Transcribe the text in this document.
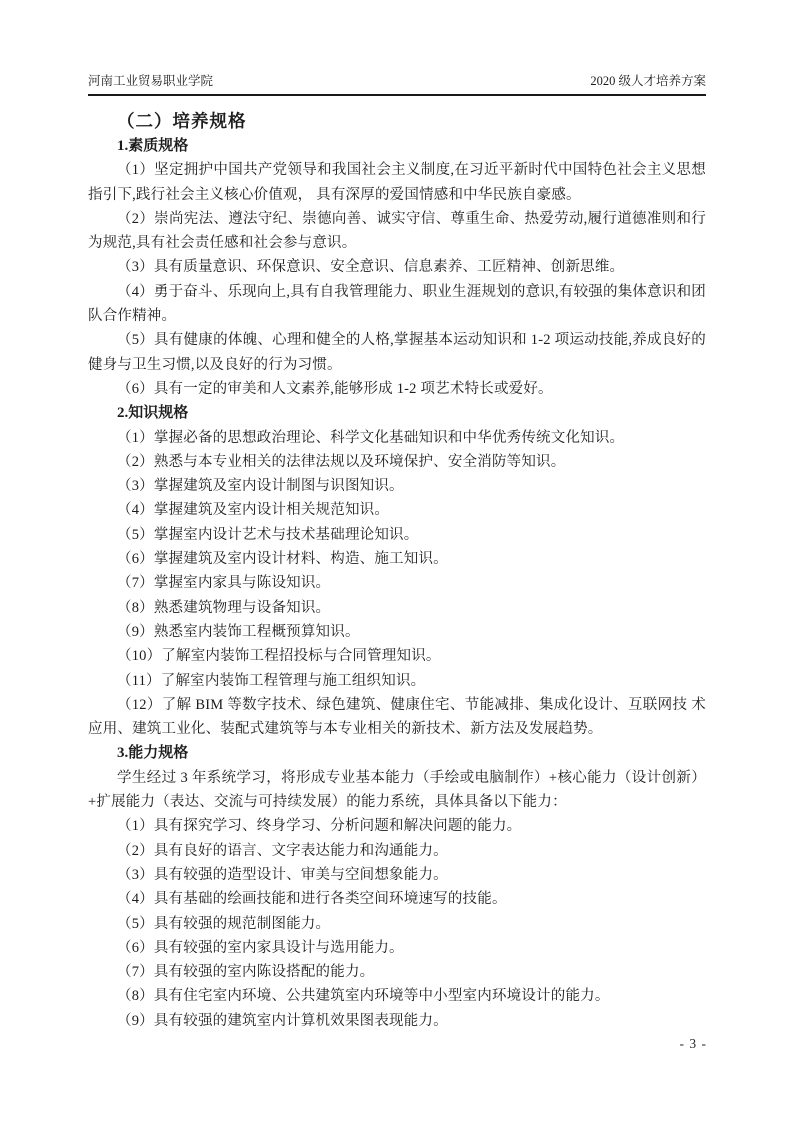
河南工业贸易职业学院	2020 级人才培养方案
（二）培养规格
1.素质规格

（1）坚定拥护中国共产党领导和我国社会主义制度,在习近平新时代中国特色社会主义思想指引下,践行社会主义核心价值观， 具有深厚的爱国情感和中华民族自豪感。

（2）崇尚宪法、遵法守纪、崇德向善、诚实守信、尊重生命、热爱劳动,履行道德准则和行为规范,具有社会责任感和社会参与意识。

（3）具有质量意识、环保意识、安全意识、信息素养、工匠精神、创新思维。

（4）勇于奋斗、乐现向上,具有自我管理能力、职业生涯规划的意识,有较强的集体意识和团队合作精神。

（5）具有健康的体魄、心理和健全的人格,掌握基本运动知识和 1-2 项运动技能,养成良好的健身与卫生习惯,以及良好的行为习惯。

（6）具有一定的审美和人文素养,能够形成 1-2 项艺术特长或爱好。

2.知识规格

（1）掌握必备的思想政治理论、科学文化基础知识和中华优秀传统文化知识。

（2）熟悉与本专业相关的法律法规以及环境保护、安全消防等知识。

（3）掌握建筑及室内设计制图与识图知识。

（4）掌握建筑及室内设计相关规范知识。

（5）掌握室内设计艺术与技术基础理论知识。

（6）掌握建筑及室内设计材料、构造、施工知识。

（7）掌握室内家具与陈设知识。

（8）熟悉建筑物理与设备知识。

（9）熟悉室内装饰工程概预算知识。

（10）了解室内装饰工程招投标与合同管理知识。

（11）了解室内装饰工程管理与施工组织知识。

（12）了解 BIM 等数字技术、绿色建筑、健康住宅、节能减排、集成化设计、互联网技 术应用、建筑工业化、装配式建筑等与本专业相关的新技术、新方法及发展趋势。

3.能力规格

学生经过 3 年系统学习，将形成专业基本能力（手绘或电脑制作）+核心能力（设计创新）+扩展能力（表达、交流与可持续发展）的能力系统，具体具备以下能力：

（1）具有探究学习、终身学习、分析问题和解决问题的能力。

（2）具有良好的语言、文字表达能力和沟通能力。

（3）具有较强的造型设计、审美与空间想象能力。

（4）具有基础的绘画技能和进行各类空间环境速写的技能。

（5）具有较强的规范制图能力。

（6）具有较强的室内家具设计与选用能力。

（7）具有较强的室内陈设搭配的能力。

（8）具有住宅室内环境、公共建筑室内环境等中小型室内环境设计的能力。

（9）具有较强的建筑室内计算机效果图表现能力。

- 3 -
